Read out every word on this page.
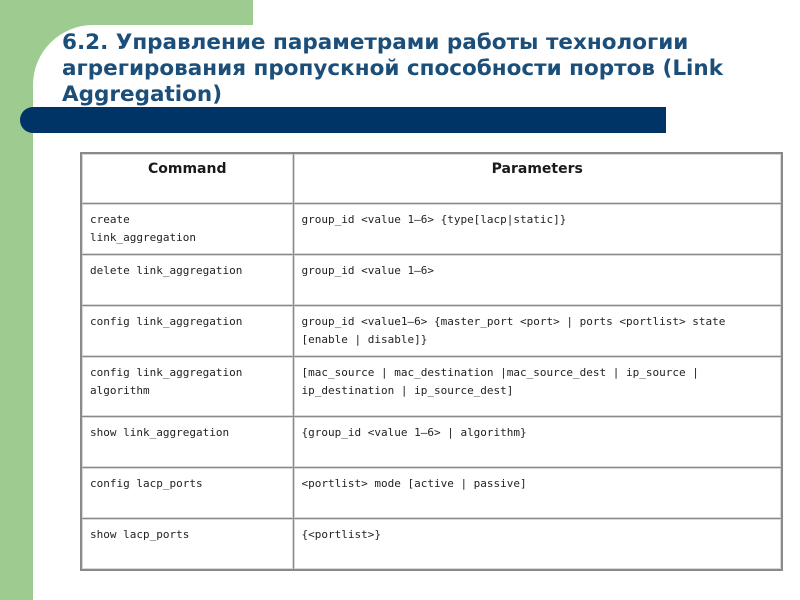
6.2. Управление параметрами работы технологии агрегирования пропускной способности портов (Link Aggregation)
Command	Parameters

create
link_aggregation	group_id <value 1–6> {type[lacp|static]}

delete link_aggregation	group_id <value 1–6>

config link_aggregation	group_id <value1–6> {master_port <port> | ports <portlist> state [enable | disable]}

config link_aggregation
algorithm	[mac_source | mac_destination |mac_source_dest | ip_source | ip_destination | ip_source_dest]

show link_aggregation	{group_id <value 1–6> | algorithm}

config lacp_ports	<portlist> mode [active | passive]

show lacp_ports	{<portlist>}
